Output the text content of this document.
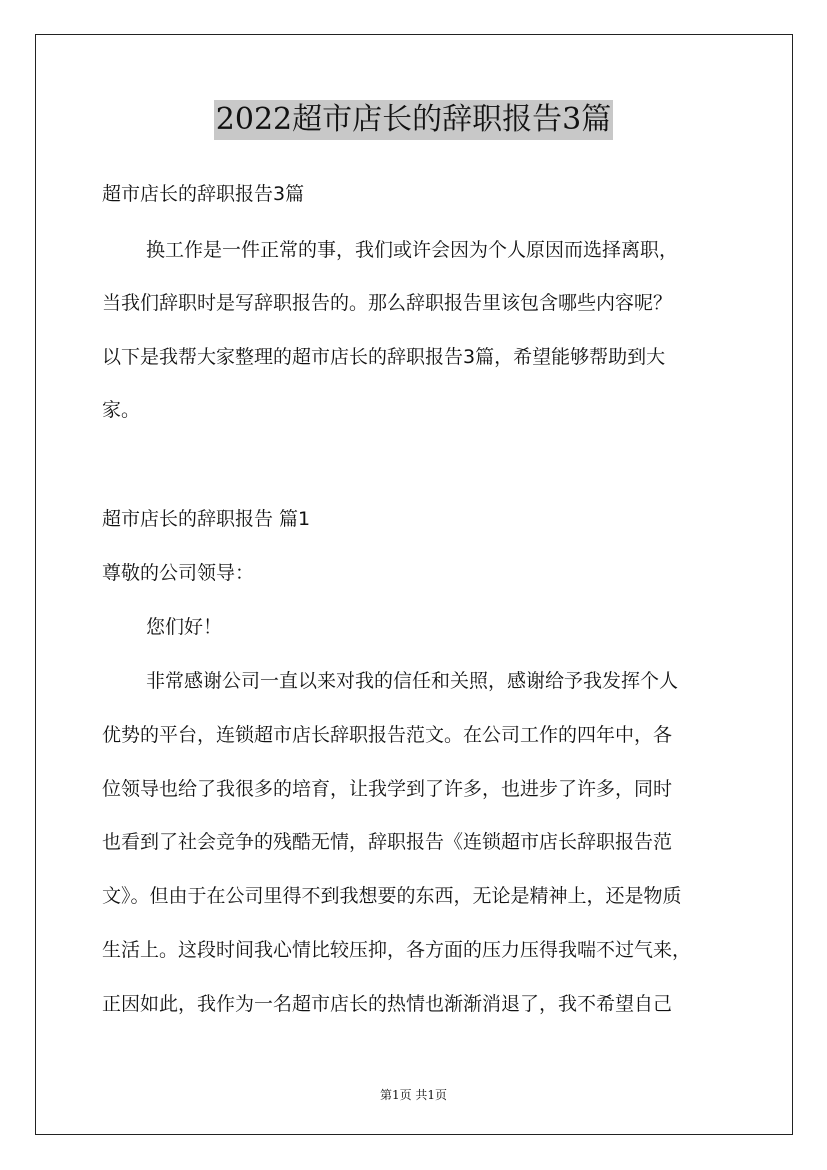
2022超市店长的辞职报告3篇
超市店长的辞职报告3篇
换工作是一件正常的事，我们或许会因为个人原因而选择离职，
当我们辞职时是写辞职报告的。那么辞职报告里该包含哪些内容呢？
以下是我帮大家整理的超市店长的辞职报告3篇，希望能够帮助到大
家。
超市店长的辞职报告 篇1
尊敬的公司领导：
您们好！
非常感谢公司一直以来对我的信任和关照，感谢给予我发挥个人
优势的平台，连锁超市店长辞职报告范文。在公司工作的四年中，各
位领导也给了我很多的培育，让我学到了许多，也进步了许多，同时
也看到了社会竞争的残酷无情，辞职报告《连锁超市店长辞职报告范
文》。但由于在公司里得不到我想要的东西，无论是精神上，还是物质
生活上。这段时间我心情比较压抑，各方面的压力压得我喘不过气来，
正因如此，我作为一名超市店长的热情也渐渐消退了，我不希望自己
第1页 共1页
